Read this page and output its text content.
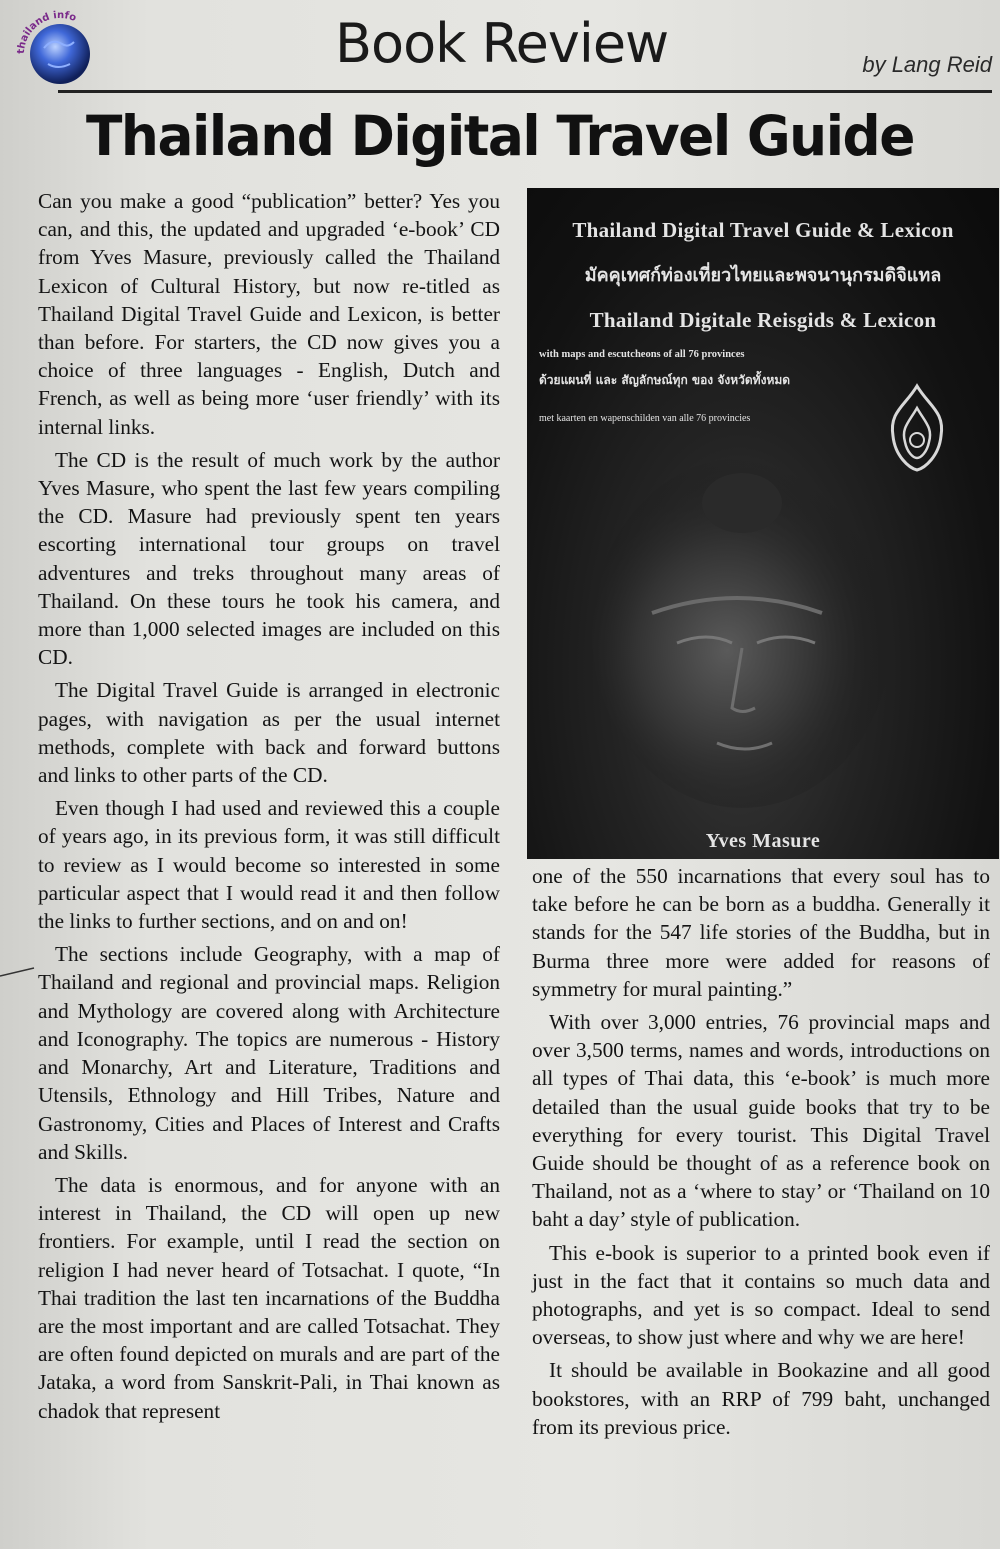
thailand info	Book Review	by Lang Reid
Thailand Digital Travel Guide

Can you make a good “publication” better? Yes you can, and this, the updated and upgraded ‘e-book’ CD from Yves Masure, previously called the Thailand Lexicon of Cultural History, but now re-titled as Thailand Digital Travel Guide and Lexicon, is better than before. For starters, the CD now gives you a choice of three languages - English, Dutch and French, as well as being more ‘user friendly’ with its internal links.

The CD is the result of much work by the author Yves Masure, who spent the last few years compiling the CD. Masure had previously spent ten years escorting international tour groups on travel adventures and treks throughout many areas of Thailand. On these tours he took his camera, and more than 1,000 selected images are included on this CD.

The Digital Travel Guide is arranged in electronic pages, with navigation as per the usual internet methods, complete with back and forward buttons and links to other parts of the CD.

Even though I had used and reviewed this a couple of years ago, in its previous form, it was still difficult to review as I would become so interested in some particular aspect that I would read it and then follow the links to further sections, and on and on!

The sections include Geography, with a map of Thailand and regional and provincial maps. Religion and Mythology are covered along with Architecture and Iconography. The topics are numerous - History and Monarchy, Art and Literature, Traditions and Utensils, Ethnology and Hill Tribes, Nature and Gastronomy, Cities and Places of Interest and Crafts and Skills.

The data is enormous, and for anyone with an interest in Thailand, the CD will open up new frontiers. For example, until I read the section on religion I had never heard of Totsachat. I quote, “In Thai tradition the last ten incarnations of the Buddha are the most important and are called Totsachat. They are often found depicted on murals and are part of the Jataka, a word from Sanskrit-Pali, in Thai known as chadok that represent

Thailand Digital Travel Guide & Lexicon
มัคคุเทศก์ท่องเที่ยวไทยและพจนานุกรมดิจิแทล
Thailand Digitale Reisgids & Lexicon
with maps and escutcheons of all 76 provinces
ด้วยแผนที่ และ สัญลักษณ์ทุก ของ จังหวัดทั้งหมด
met kaarten en wapenschilden van alle 76 provincies
Yves Masure

one of the 550 incarnations that every soul has to take before he can be born as a buddha. Generally it stands for the 547 life stories of the Buddha, but in Burma three more were added for reasons of symmetry for mural painting.”

With over 3,000 entries, 76 provincial maps and over 3,500 terms, names and words, introductions on all types of Thai data, this ‘e-book’ is much more detailed than the usual guide books that try to be everything for every tourist. This Digital Travel Guide should be thought of as a reference book on Thailand, not as a ‘where to stay’ or ‘Thailand on 10 baht a day’ style of publication.

This e-book is superior to a printed book even if just in the fact that it contains so much data and photographs, and yet is so compact. Ideal to send overseas, to show just where and why we are here!

It should be available in Bookazine and all good bookstores, with an RRP of 799 baht, unchanged from its previous price.
